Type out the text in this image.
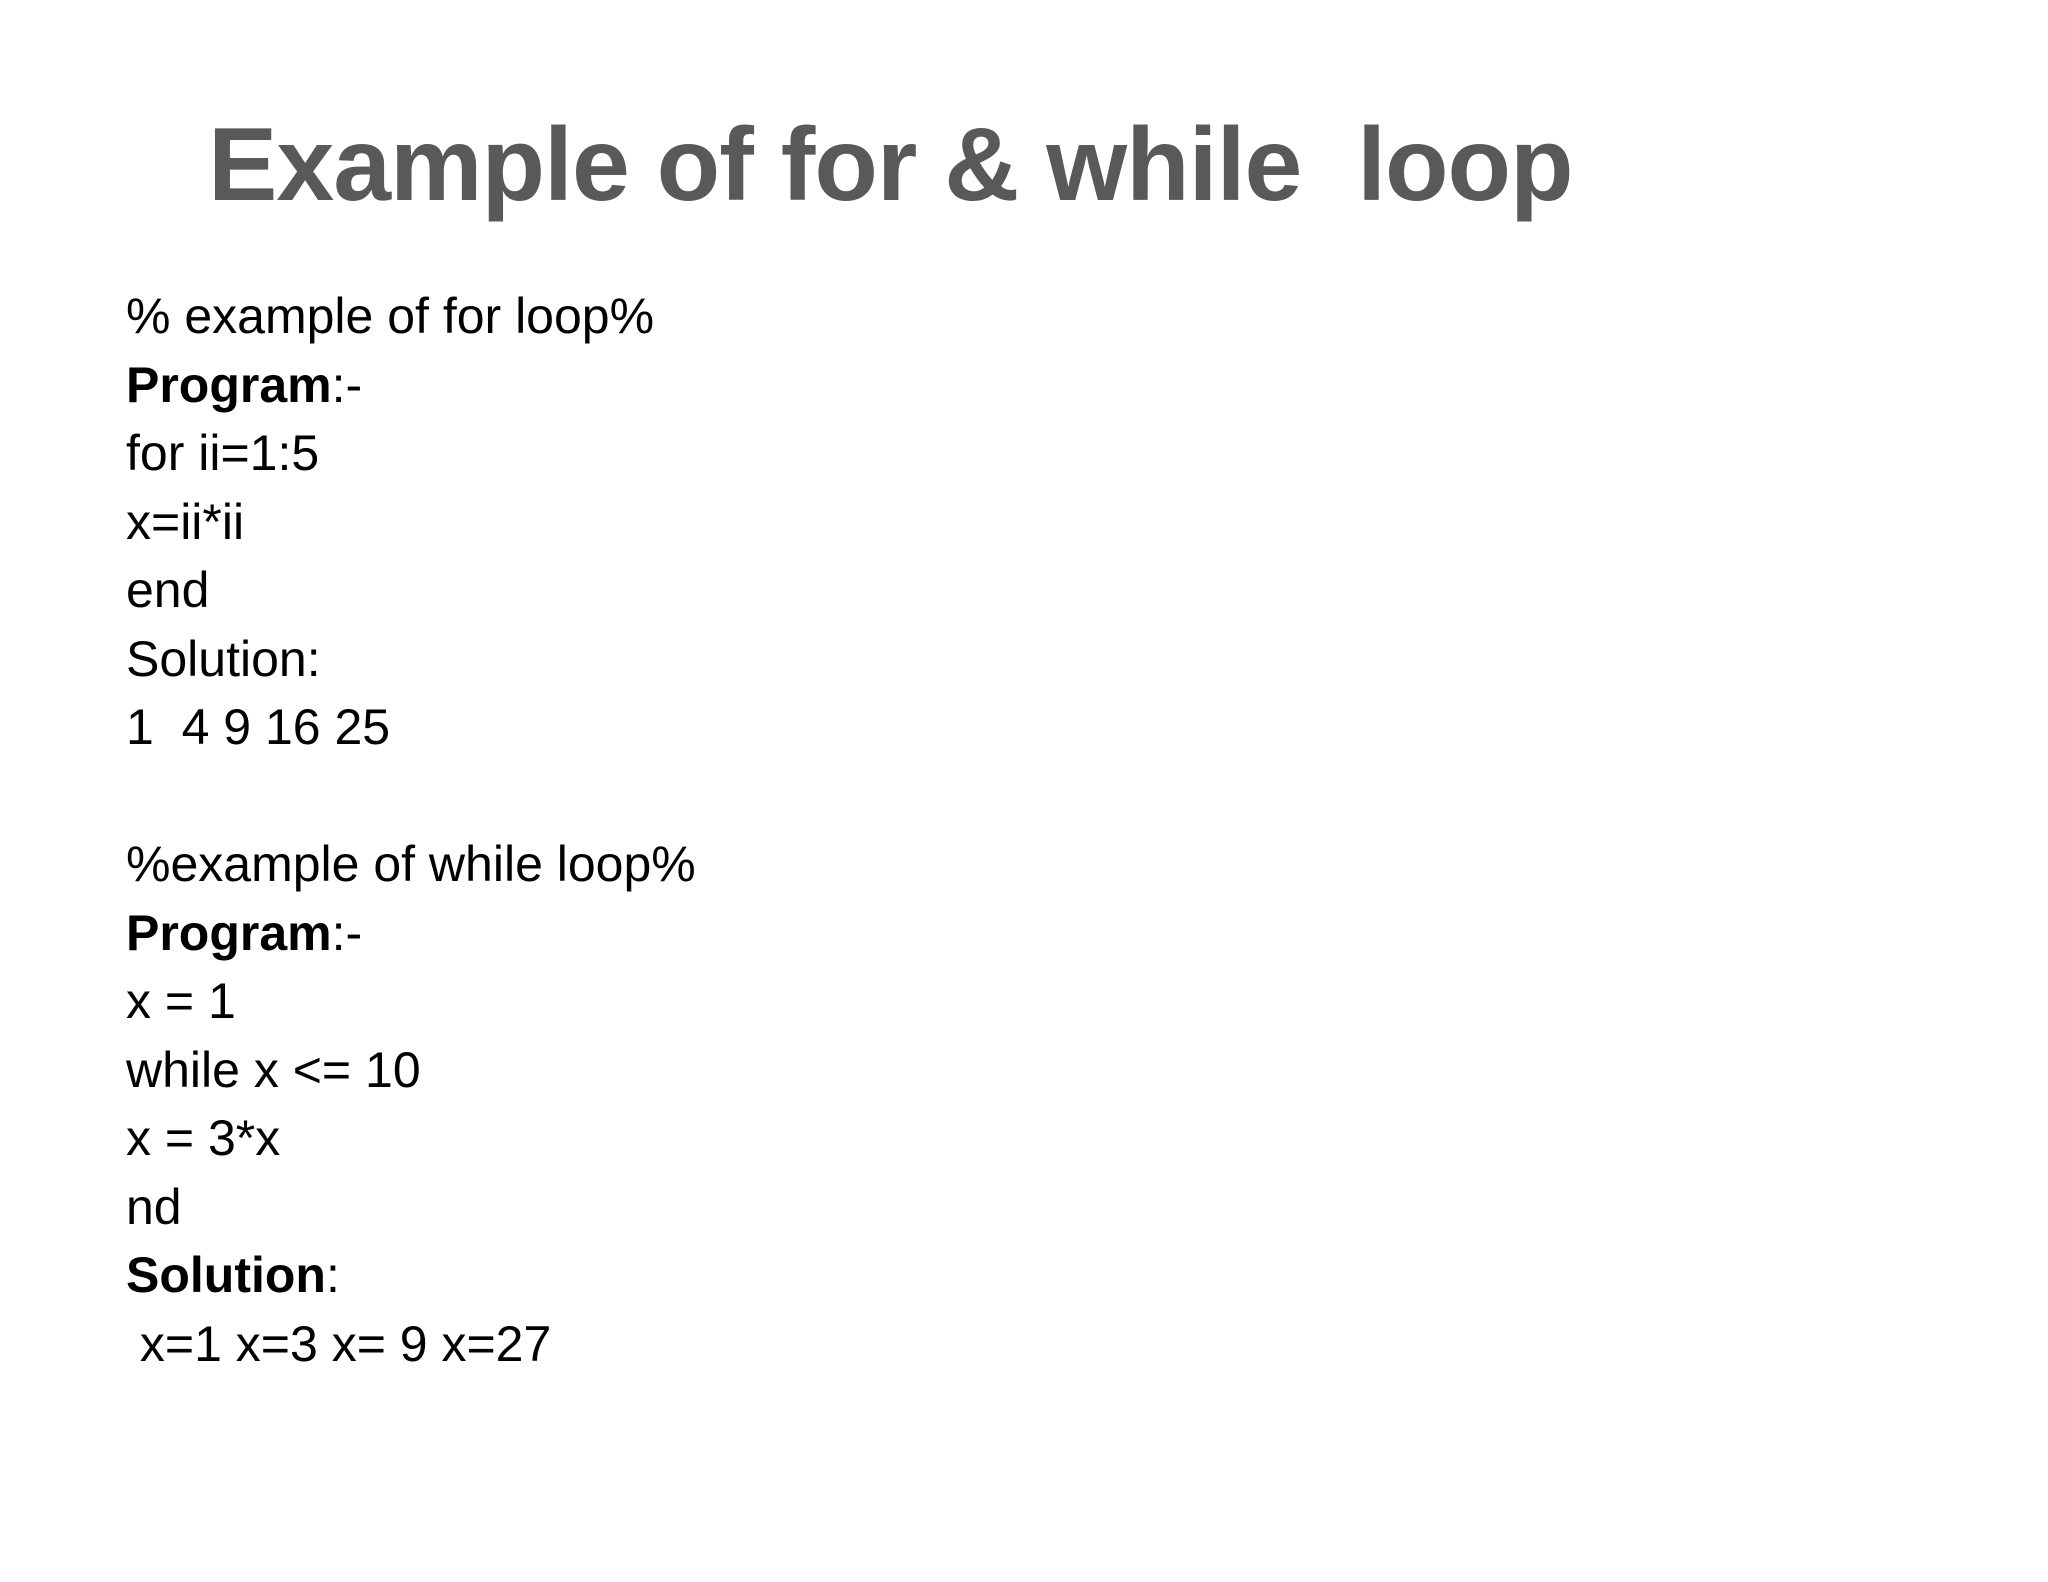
Example of for & while  loop
% example of for loop%
Program:-
for ii=1:5
x=ii*ii
end
Solution:
1  4 9 16 25
%example of while loop%
Program:-
x = 1
while x <= 10
x = 3*x
nd
Solution:
x=1 x=3 x= 9 x=27
